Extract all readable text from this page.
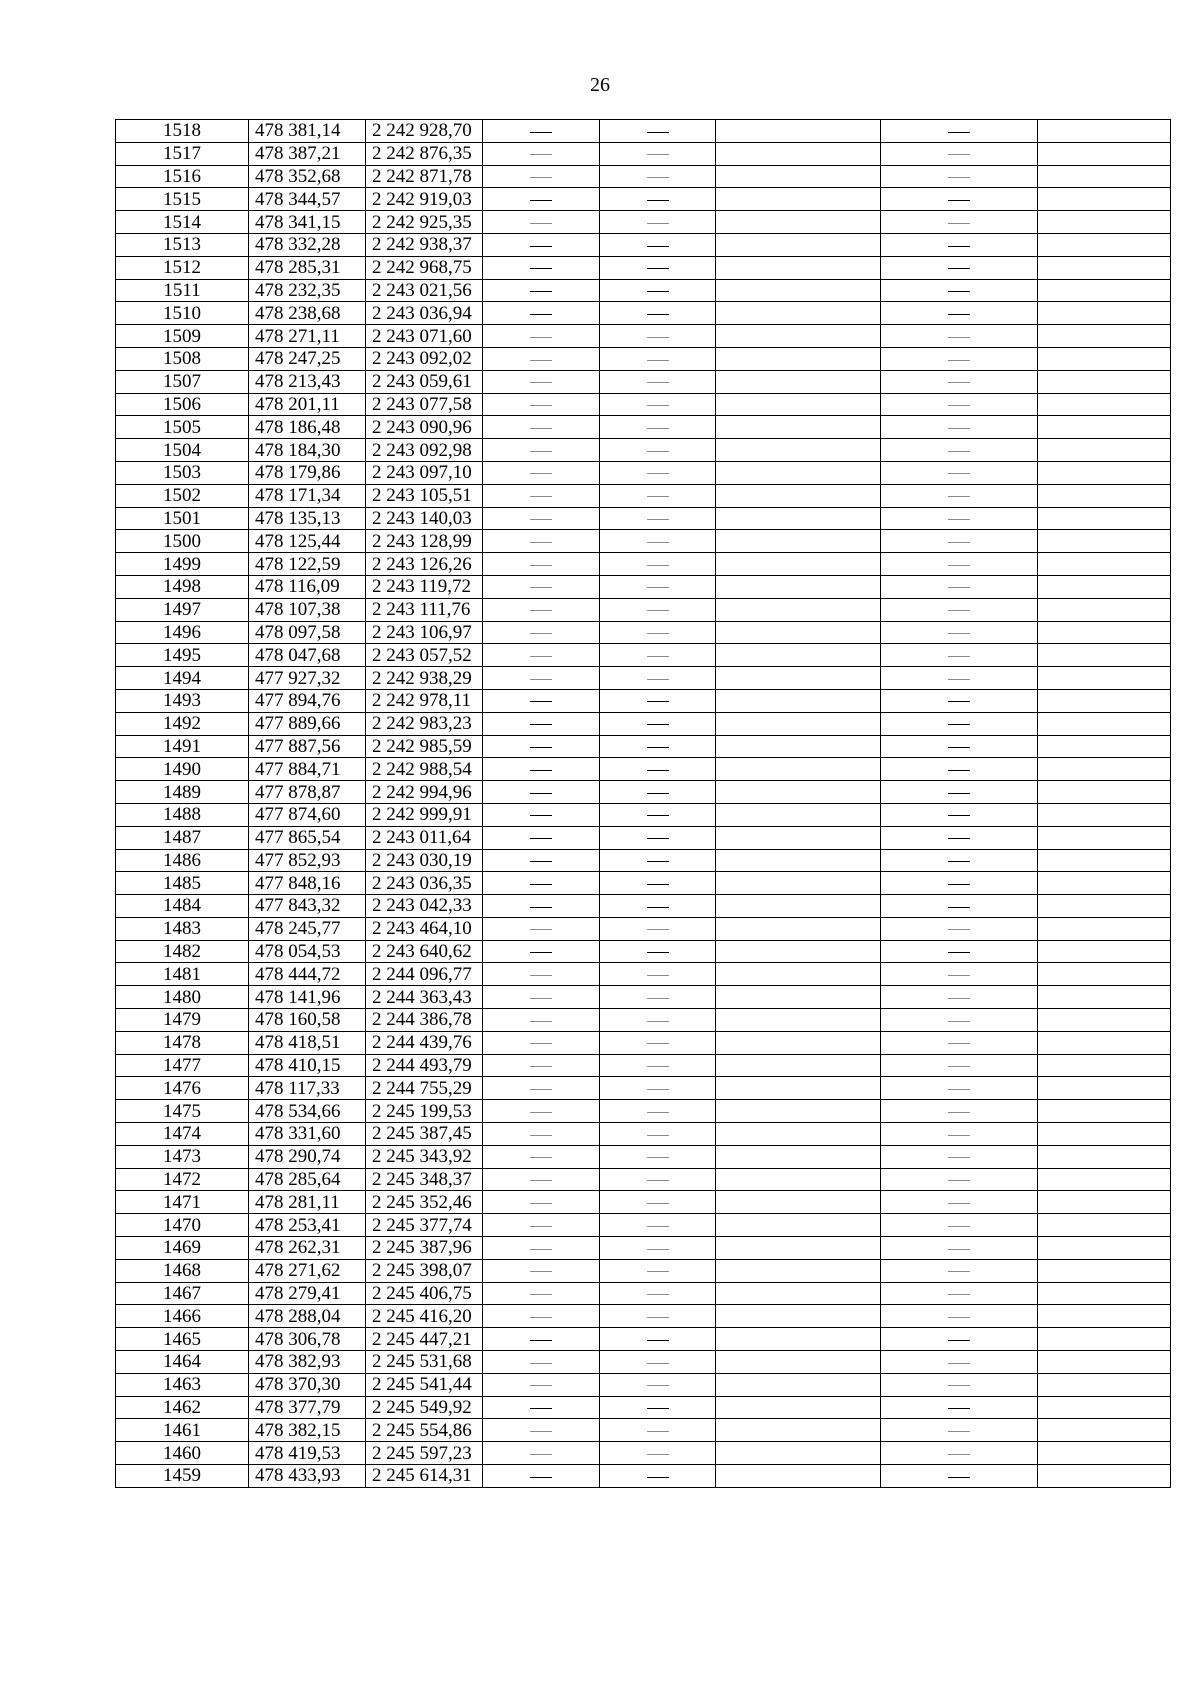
26
1518	478 381,14	2 242 928,70					
1517	478 387,21	2 242 876,35					
1516	478 352,68	2 242 871,78					
1515	478 344,57	2 242 919,03					
1514	478 341,15	2 242 925,35					
1513	478 332,28	2 242 938,37					
1512	478 285,31	2 242 968,75					
1511	478 232,35	2 243 021,56					
1510	478 238,68	2 243 036,94					
1509	478 271,11	2 243 071,60					
1508	478 247,25	2 243 092,02					
1507	478 213,43	2 243 059,61					
1506	478 201,11	2 243 077,58					
1505	478 186,48	2 243 090,96					
1504	478 184,30	2 243 092,98					
1503	478 179,86	2 243 097,10					
1502	478 171,34	2 243 105,51					
1501	478 135,13	2 243 140,03					
1500	478 125,44	2 243 128,99					
1499	478 122,59	2 243 126,26					
1498	478 116,09	2 243 119,72					
1497	478 107,38	2 243 111,76					
1496	478 097,58	2 243 106,97					
1495	478 047,68	2 243 057,52					
1494	477 927,32	2 242 938,29					
1493	477 894,76	2 242 978,11					
1492	477 889,66	2 242 983,23					
1491	477 887,56	2 242 985,59					
1490	477 884,71	2 242 988,54					
1489	477 878,87	2 242 994,96					
1488	477 874,60	2 242 999,91					
1487	477 865,54	2 243 011,64					
1486	477 852,93	2 243 030,19					
1485	477 848,16	2 243 036,35					
1484	477 843,32	2 243 042,33					
1483	478 245,77	2 243 464,10					
1482	478 054,53	2 243 640,62					
1481	478 444,72	2 244 096,77					
1480	478 141,96	2 244 363,43					
1479	478 160,58	2 244 386,78					
1478	478 418,51	2 244 439,76					
1477	478 410,15	2 244 493,79					
1476	478 117,33	2 244 755,29					
1475	478 534,66	2 245 199,53					
1474	478 331,60	2 245 387,45					
1473	478 290,74	2 245 343,92					
1472	478 285,64	2 245 348,37					
1471	478 281,11	2 245 352,46					
1470	478 253,41	2 245 377,74					
1469	478 262,31	2 245 387,96					
1468	478 271,62	2 245 398,07					
1467	478 279,41	2 245 406,75					
1466	478 288,04	2 245 416,20					
1465	478 306,78	2 245 447,21					
1464	478 382,93	2 245 531,68					
1463	478 370,30	2 245 541,44					
1462	478 377,79	2 245 549,92					
1461	478 382,15	2 245 554,86					
1460	478 419,53	2 245 597,23					
1459	478 433,93	2 245 614,31					
